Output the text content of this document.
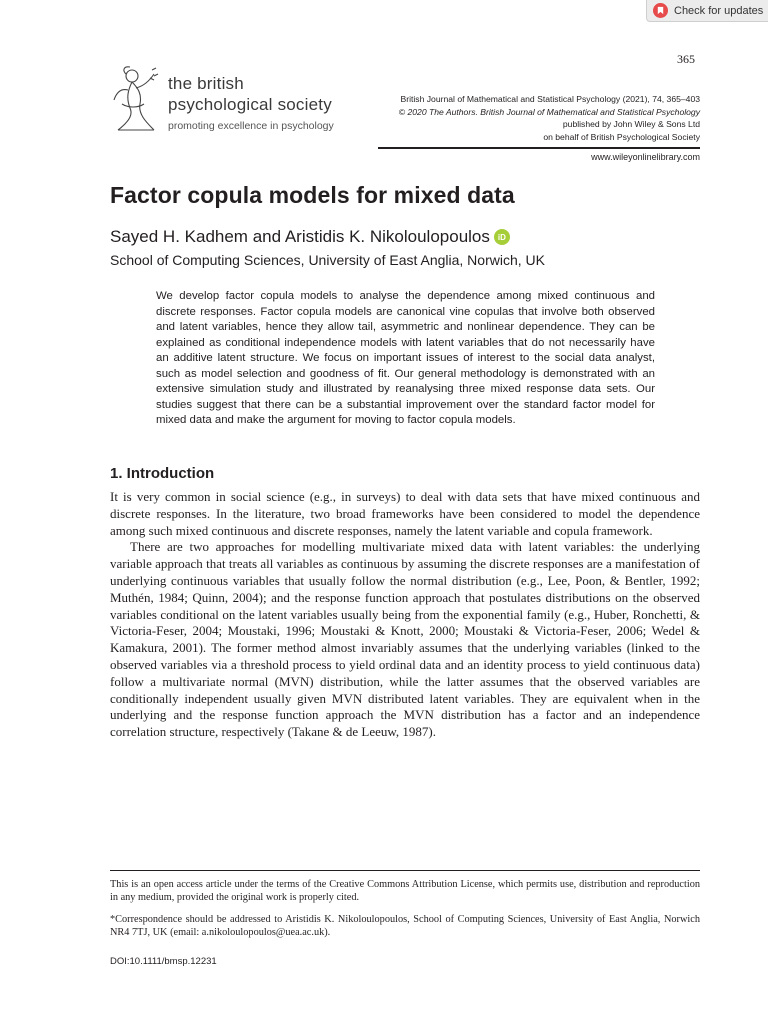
Check for updates
365
the british
psychological society
promoting excellence in psychology
British Journal of Mathematical and Statistical Psychology (2021), 74, 365–403
© 2020 The Authors. British Journal of Mathematical and Statistical Psychology
published by John Wiley & Sons Ltd
on behalf of British Psychological Society
www.wileyonlinelibrary.com
Factor copula models for mixed data
Sayed H. Kadhem and Aristidis K. Nikoloulopoulos	iD
School of Computing Sciences, University of East Anglia, Norwich, UK
We develop factor copula models to analyse the dependence among mixed continuous and discrete responses. Factor copula models are canonical vine copulas that involve both observed and latent variables, hence they allow tail, asymmetric and nonlinear dependence. They can be explained as conditional independence models with latent variables that do not necessarily have an additive latent structure. We focus on important issues of interest to the social data analyst, such as model selection and goodness of fit. Our general methodology is demonstrated with an extensive simulation study and illustrated by reanalysing three mixed response data sets. Our studies suggest that there can be a substantial improvement over the standard factor model for mixed data and make the argument for moving to factor copula models.
1. Introduction

It is very common in social science (e.g., in surveys) to deal with data sets that have mixed continuous and discrete responses. In the literature, two broad frameworks have been considered to model the dependence among such mixed continuous and discrete responses, namely the latent variable and copula framework.

There are two approaches for modelling multivariate mixed data with latent variables: the underlying variable approach that treats all variables as continuous by assuming the discrete responses are a manifestation of underlying continuous variables that usually follow the normal distribution (e.g., Lee, Poon, & Bentler, 1992; Muthén, 1984; Quinn, 2004); and the response function approach that postulates distributions on the observed variables conditional on the latent variables usually being from the exponential family (e.g., Huber, Ronchetti, & Victoria-Feser, 2004; Moustaki, 1996; Moustaki & Knott, 2000; Moustaki & Victoria-Feser, 2006; Wedel & Kamakura, 2001). The former method almost invariably assumes that the underlying variables (linked to the observed variables via a threshold process to yield ordinal data and an identity process to yield continuous data) follow a multivariate normal (MVN) distribution, while the latter assumes that the observed variables are conditionally independent usually given MVN distributed latent variables. They are equivalent when in the underlying and the response function approach the MVN distribution has a factor and an independence correlation structure, respectively (Takane & de Leeuw, 1987).

This is an open access article under the terms of the Creative Commons Attribution License, which permits use, distribution and reproduction in any medium, provided the original work is properly cited.

*Correspondence should be addressed to Aristidis K. Nikoloulopoulos, School of Computing Sciences, University of East Anglia, Norwich NR4 7TJ, UK (email: a.nikoloulopoulos@uea.ac.uk).

DOI:10.1111/bmsp.12231
